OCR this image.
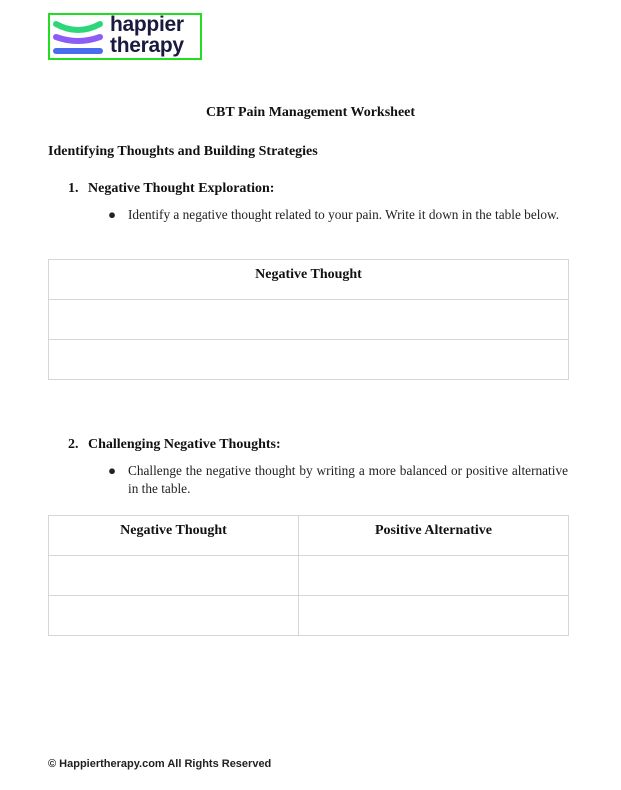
happier
therapy
CBT Pain Management Worksheet
Identifying Thoughts and Building Strategies
1. Negative Thought Exploration:
● Identify a negative thought related to your pain. Write it down in the table below.
Negative Thought

2. Challenging Negative Thoughts:
● Challenge the negative thought by writing a more balanced or positive alternative in the table.
Negative Thought	Positive Alternative

© Happiertherapy.com All Rights Reserved
